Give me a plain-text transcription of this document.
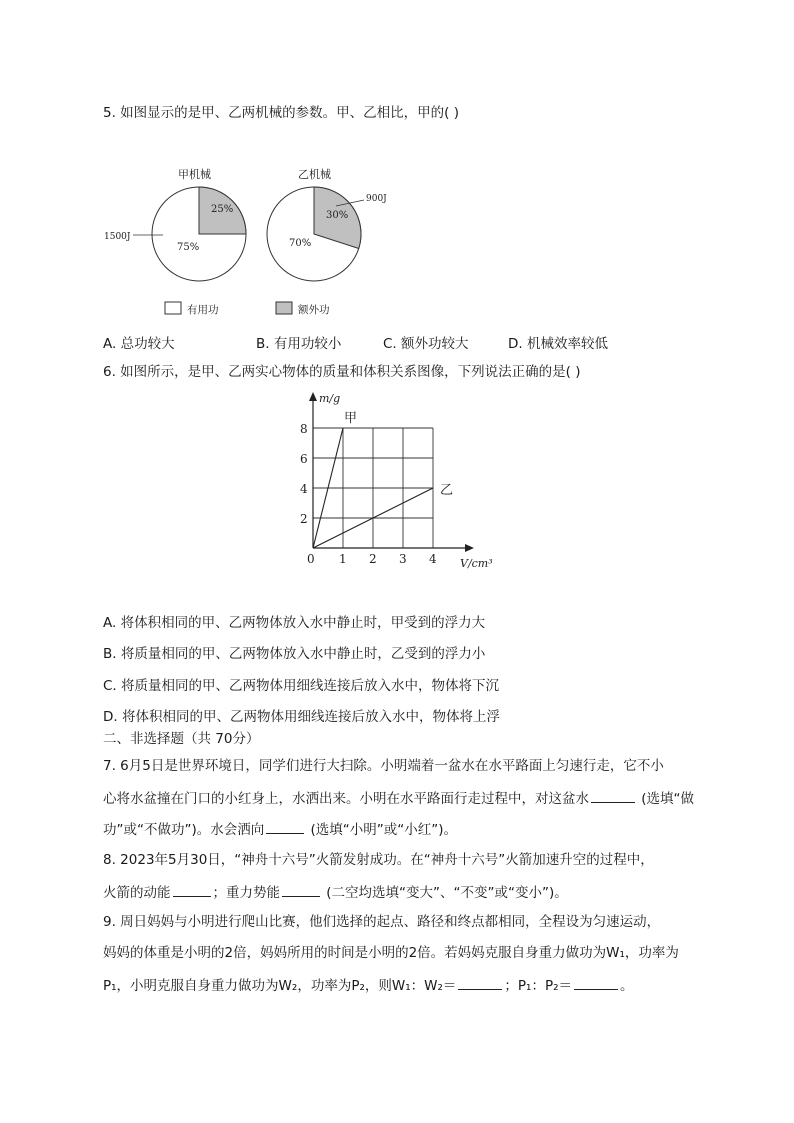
5. 如图显示的是甲、乙两机械的参数。甲、乙相比，甲的( )
甲机械
25%
75%
1500J
乙机械
30%
70%
900J
有用功	额外功
A. 总功较大	B. 有用功较小	C. 额外功较大	D. 机械效率较低
6. 如图所示，是甲、乙两实心物体的质量和体积关系图像，下列说法正确的是( )
0 1 2 3 4
2
4
6
8
甲
乙
m/g
V/cm³
A. 将体积相同的甲、乙两物体放入水中静止时，甲受到的浮力大
B. 将质量相同的甲、乙两物体放入水中静止时，乙受到的浮力小
C. 将质量相同的甲、乙两物体用细线连接后放入水中，物体将下沉
D. 将体积相同的甲、乙两物体用细线连接后放入水中，物体将上浮
二、非选择题（共 70分）
7. 6月5日是世界环境日，同学们进行大扫除。小明端着一盆水在水平路面上匀速行走，它不小
心将水盆撞在门口的小红身上，水洒出来。小明在水平路面行走过程中，对这盆水	(选填“做
功”或“不做功”)。水会洒向	(选填“小明”或“小红”)。
8. 2023年5月30日，“神舟十六号”火箭发射成功。在“神舟十六号”火箭加速升空的过程中，
火箭的动能	；重力势能	(二空均选填“变大”、“不变”或“变小”)。
9. 周日妈妈与小明进行爬山比赛，他们选择的起点、路径和终点都相同，全程设为匀速运动，
妈妈的体重是小明的2倍，妈妈所用的时间是小明的2倍。若妈妈克服自身重力做功为W₁，功率为
P₁，小明克服自身重力做功为W₂，功率为P₂，则W₁：W₂＝	；P₁：P₂＝	。
